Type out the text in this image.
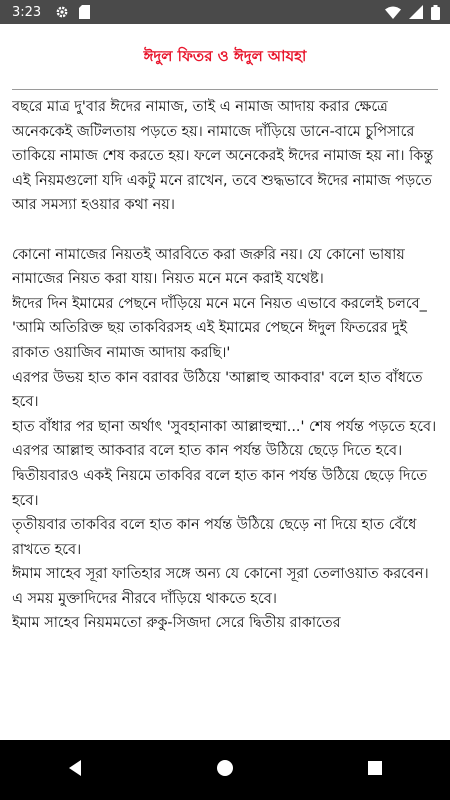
3:23
ঈদুল ফিতর ও ঈদুল আযহা

বছরে মাত্র দু'বার ঈদের নামাজ, তাই এ নামাজ আদায় করার ক্ষেত্রে অনেককেই জটিলতায় পড়তে হয়। নামাজে দাঁড়িয়ে ডানে-বামে চুপিসারে তাকিয়ে নামাজ শেষ করতে হয়। ফলে অনেকেরই ঈদের নামাজ হয় না। কিন্তু এই নিয়মগুলো যদি একটু মনে রাখেন, তবে শুদ্ধভাবে ঈদের নামাজ পড়তে আর সমস্যা হওয়ার কথা নয়।

কোনো নামাজের নিয়তই আরবিতে করা জরুরি নয়। যে কোনো ভাষায় নামাজের নিয়ত করা যায়। নিয়ত মনে মনে করাই যথেষ্ট।

ঈদের দিন ইমামের পেছনে দাঁড়িয়ে মনে মনে নিয়ত এভাবে করলেই চলবে_ 'আমি অতিরিক্ত ছয় তাকবিরসহ এই ইমামের পেছনে ঈদুল ফিতরের দুই রাকাত ওয়াজিব নামাজ আদায় করছি।'

এরপর উভয় হাত কান বরাবর উঠিয়ে 'আল্লাহু আকবার' বলে হাত বাঁধতে হবে।

হাত বাঁধার পর ছানা অর্থাৎ 'সুবহানাকা আল্লাহুম্মা...' শেষ পর্যন্ত পড়তে হবে।

এরপর আল্লাহু আকবার বলে হাত কান পর্যন্ত উঠিয়ে ছেড়ে দিতে হবে।

দ্বিতীয়বারও একই নিয়মে তাকবির বলে হাত কান পর্যন্ত উঠিয়ে ছেড়ে দিতে হবে।

তৃতীয়বার তাকবির বলে হাত কান পর্যন্ত উঠিয়ে ছেড়ে না দিয়ে হাত বেঁধে রাখতে হবে।

ঈমাম সাহেব সূরা ফাতিহার সঙ্গে অন্য যে কোনো সূরা তেলাওয়াত করবেন। এ সময় মুক্তাদিদের নীরবে দাঁড়িয়ে থাকতে হবে।

ইমাম সাহেব নিয়মমতো রুকু-সিজদা সেরে দ্বিতীয় রাকাতের
